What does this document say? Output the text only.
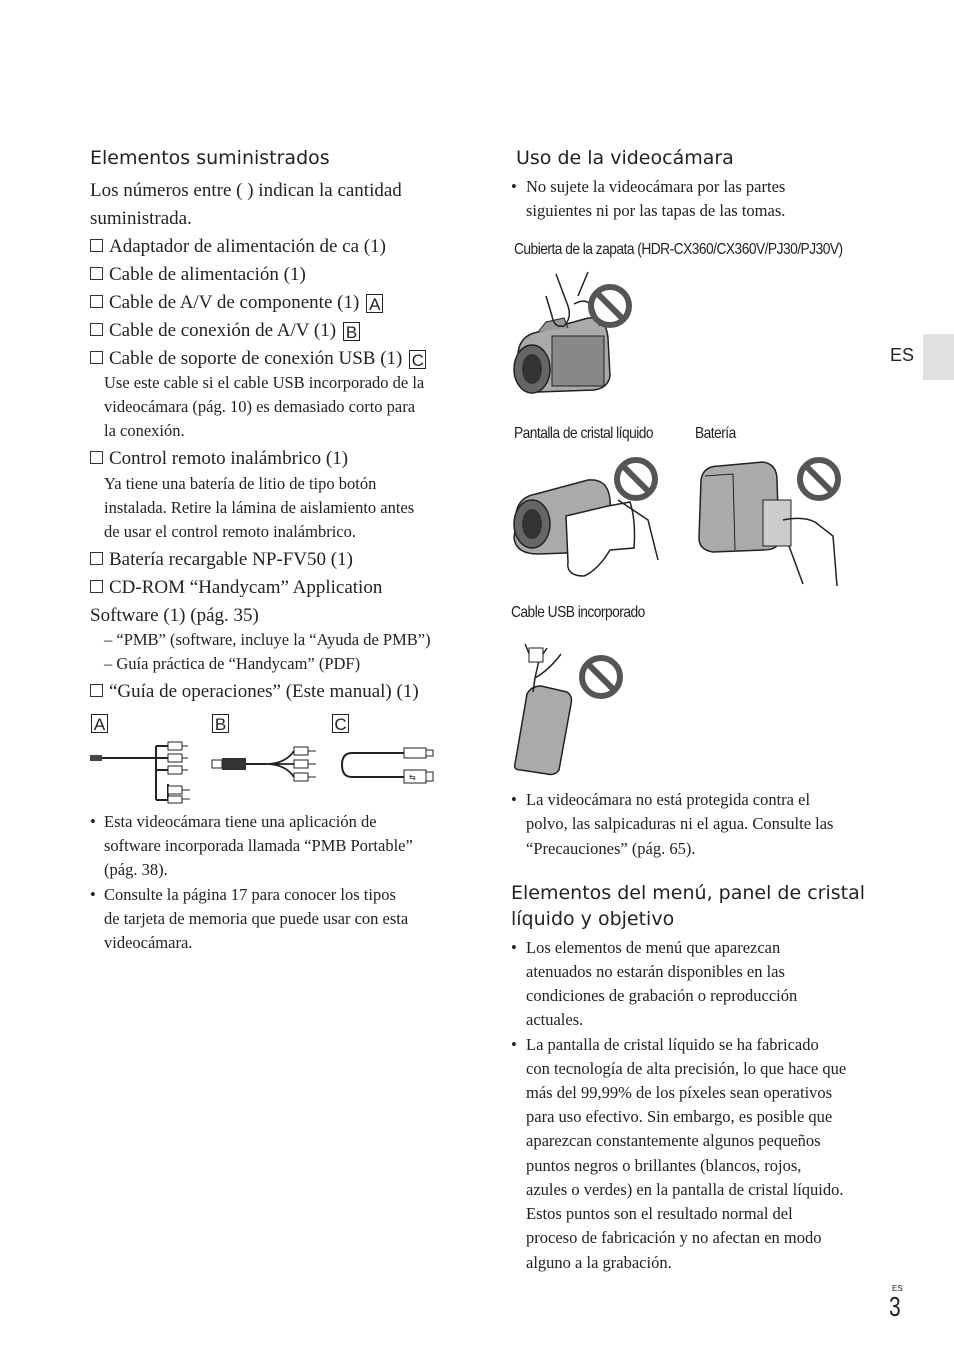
Elementos suministrados
Los números entre ( ) indican la cantidad
suministrada.
Adaptador de alimentación de ca (1)
Cable de alimentación (1)
Cable de A/V de componente (1) A
Cable de conexión de A/V (1) B
Cable de soporte de conexión USB (1) C
Use este cable si el cable USB incorporado de la
videocámara (pág. 10) es demasiado corto para
la conexión.
Control remoto inalámbrico (1)
Ya tiene una batería de litio de tipo botón
instalada. Retire la lámina de aislamiento antes
de usar el control remoto inalámbrico.
Batería recargable NP-FV50 (1)
CD-ROM “Handycam” Application
Software (1) (pág. 35)
– “PMB” (software, incluye la “Ayuda de PMB”)
– Guía práctica de “Handycam” (PDF)
“Guía de operaciones” (Este manual) (1)
A	B	C
⇆
• Esta videocámara tiene una aplicación de
software incorporada llamada “PMB Portable”
(pág. 38).
• Consulte la página 17 para conocer los tipos
de tarjeta de memoria que puede usar con esta
videocámara.
Uso de la videocámara
• No sujete la videocámara por las partes
siguientes ni por las tapas de las tomas.
Cubierta de la zapata (HDR-CX360/CX360V/PJ30/PJ30V)
Pantalla de cristal líquido	Batería
Cable USB incorporado
• La videocámara no está protegida contra el
polvo, las salpicaduras ni el agua. Consulte las
“Precauciones” (pág. 65).
Elementos del menú, panel de cristal
líquido y objetivo
• Los elementos de menú que aparezcan
atenuados no estarán disponibles en las
condiciones de grabación o reproducción
actuales.
• La pantalla de cristal líquido se ha fabricado
con tecnología de alta precisión, lo que hace que
más del 99,99% de los píxeles sean operativos
para uso efectivo. Sin embargo, es posible que
aparezcan constantemente algunos pequeños
puntos negros o brillantes (blancos, rojos,
azules o verdes) en la pantalla de cristal líquido.
Estos puntos son el resultado normal del
proceso de fabricación y no afectan en modo
alguno a la grabación.
ES
ES
3
